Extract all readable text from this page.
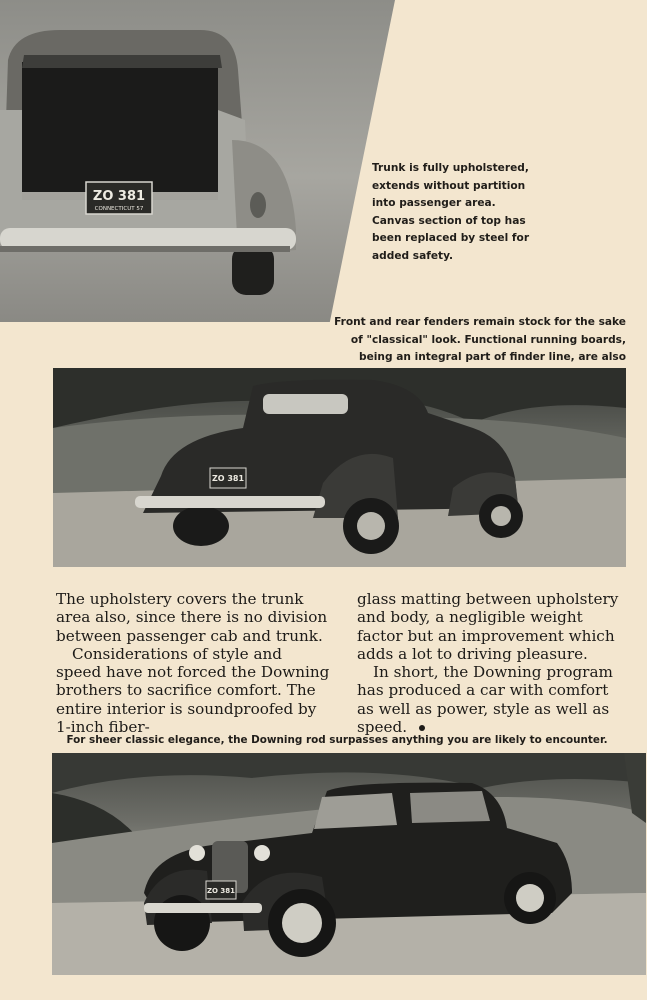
ZO 381
CONNECTICUT 57

Trunk is fully upholstered, extends without partition into passenger area. Canvas section of top has been replaced by steel for added safety.

Front and rear fenders remain stock for the sake of "classical" look. Functional running boards, being an integral part of finder line, are also

ZO 381

The upholstery covers the trunk area also, since there is no division between passenger cab and trunk.

Considerations of style and speed have not forced the Downing brothers to sacrifice comfort. The entire interior is soundproofed by 1-inch fiber-

glass matting between upholstery and body, a negligible weight factor but an improvement which adds a lot to driving pleasure.

In short, the Downing program has produced a car with comfort as well as power, style as well as speed.

For sheer classic elegance, the Downing rod surpasses anything you are likely to encounter.

ZO 381
